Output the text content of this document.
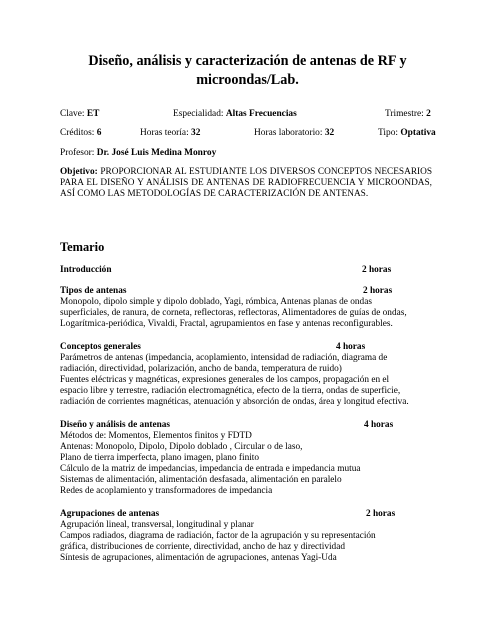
Diseño, análisis y caracterización de antenas de RF y
microondas/Lab.
Clave: ET	Especialidad: Altas Frecuencias	Trimestre: 2
Créditos: 6	Horas teoría: 32	Horas laboratorio: 32	Tipo: Optativa
Profesor: Dr. José Luis Medina Monroy
Objetivo: PROPORCIONAR AL ESTUDIANTE LOS DIVERSOS CONCEPTOS NECESARIOS PARA EL DISEÑO Y ANÁLISIS DE ANTENAS DE RADIOFRECUENCIA Y MICROONDAS, ASÍ COMO LAS METODOLOGÍAS DE CARACTERIZACIÓN DE ANTENAS.
Temario
Introducción	2 horas
Tipos de antenas	2 horas
Monopolo, dipolo simple y dipolo doblado, Yagi, rómbica, Antenas planas de ondas
superficiales, de ranura, de corneta, reflectoras, reflectoras, Alimentadores de guías de ondas,
Logarítmica-periódica, Vivaldi, Fractal, agrupamientos en fase y antenas reconfigurables.
Conceptos generales	4 horas
Parámetros de antenas (impedancia, acoplamiento, intensidad de radiación, diagrama de
radiación, directividad, polarización, ancho de banda, temperatura de ruido)
Fuentes eléctricas y magnéticas, expresiones generales de los campos, propagación en el
espacio libre y terrestre, radiación electromagnética, efecto de la tierra, ondas de superficie,
radiación de corrientes magnéticas, atenuación y absorción de ondas, área y longitud efectiva.
Diseño y análisis de antenas	4 horas
Métodos de: Momentos, Elementos finitos y FDTD
Antenas: Monopolo, Dipolo, Dipolo doblado , Circular o de laso,
Plano de tierra imperfecta, plano imagen, plano finito
Cálculo de la matriz de impedancias, impedancia de entrada e impedancia mutua
Sistemas de alimentación, alimentación desfasada, alimentación en paralelo
Redes de acoplamiento y transformadores de impedancia
Agrupaciones de antenas	2 horas
Agrupación lineal, transversal, longitudinal y planar
Campos radiados, diagrama de radiación, factor de la agrupación y su representación
gráfica, distribuciones de corriente, directividad, ancho de haz y directividad
Síntesis de agrupaciones, alimentación de agrupaciones, antenas Yagi-Uda
